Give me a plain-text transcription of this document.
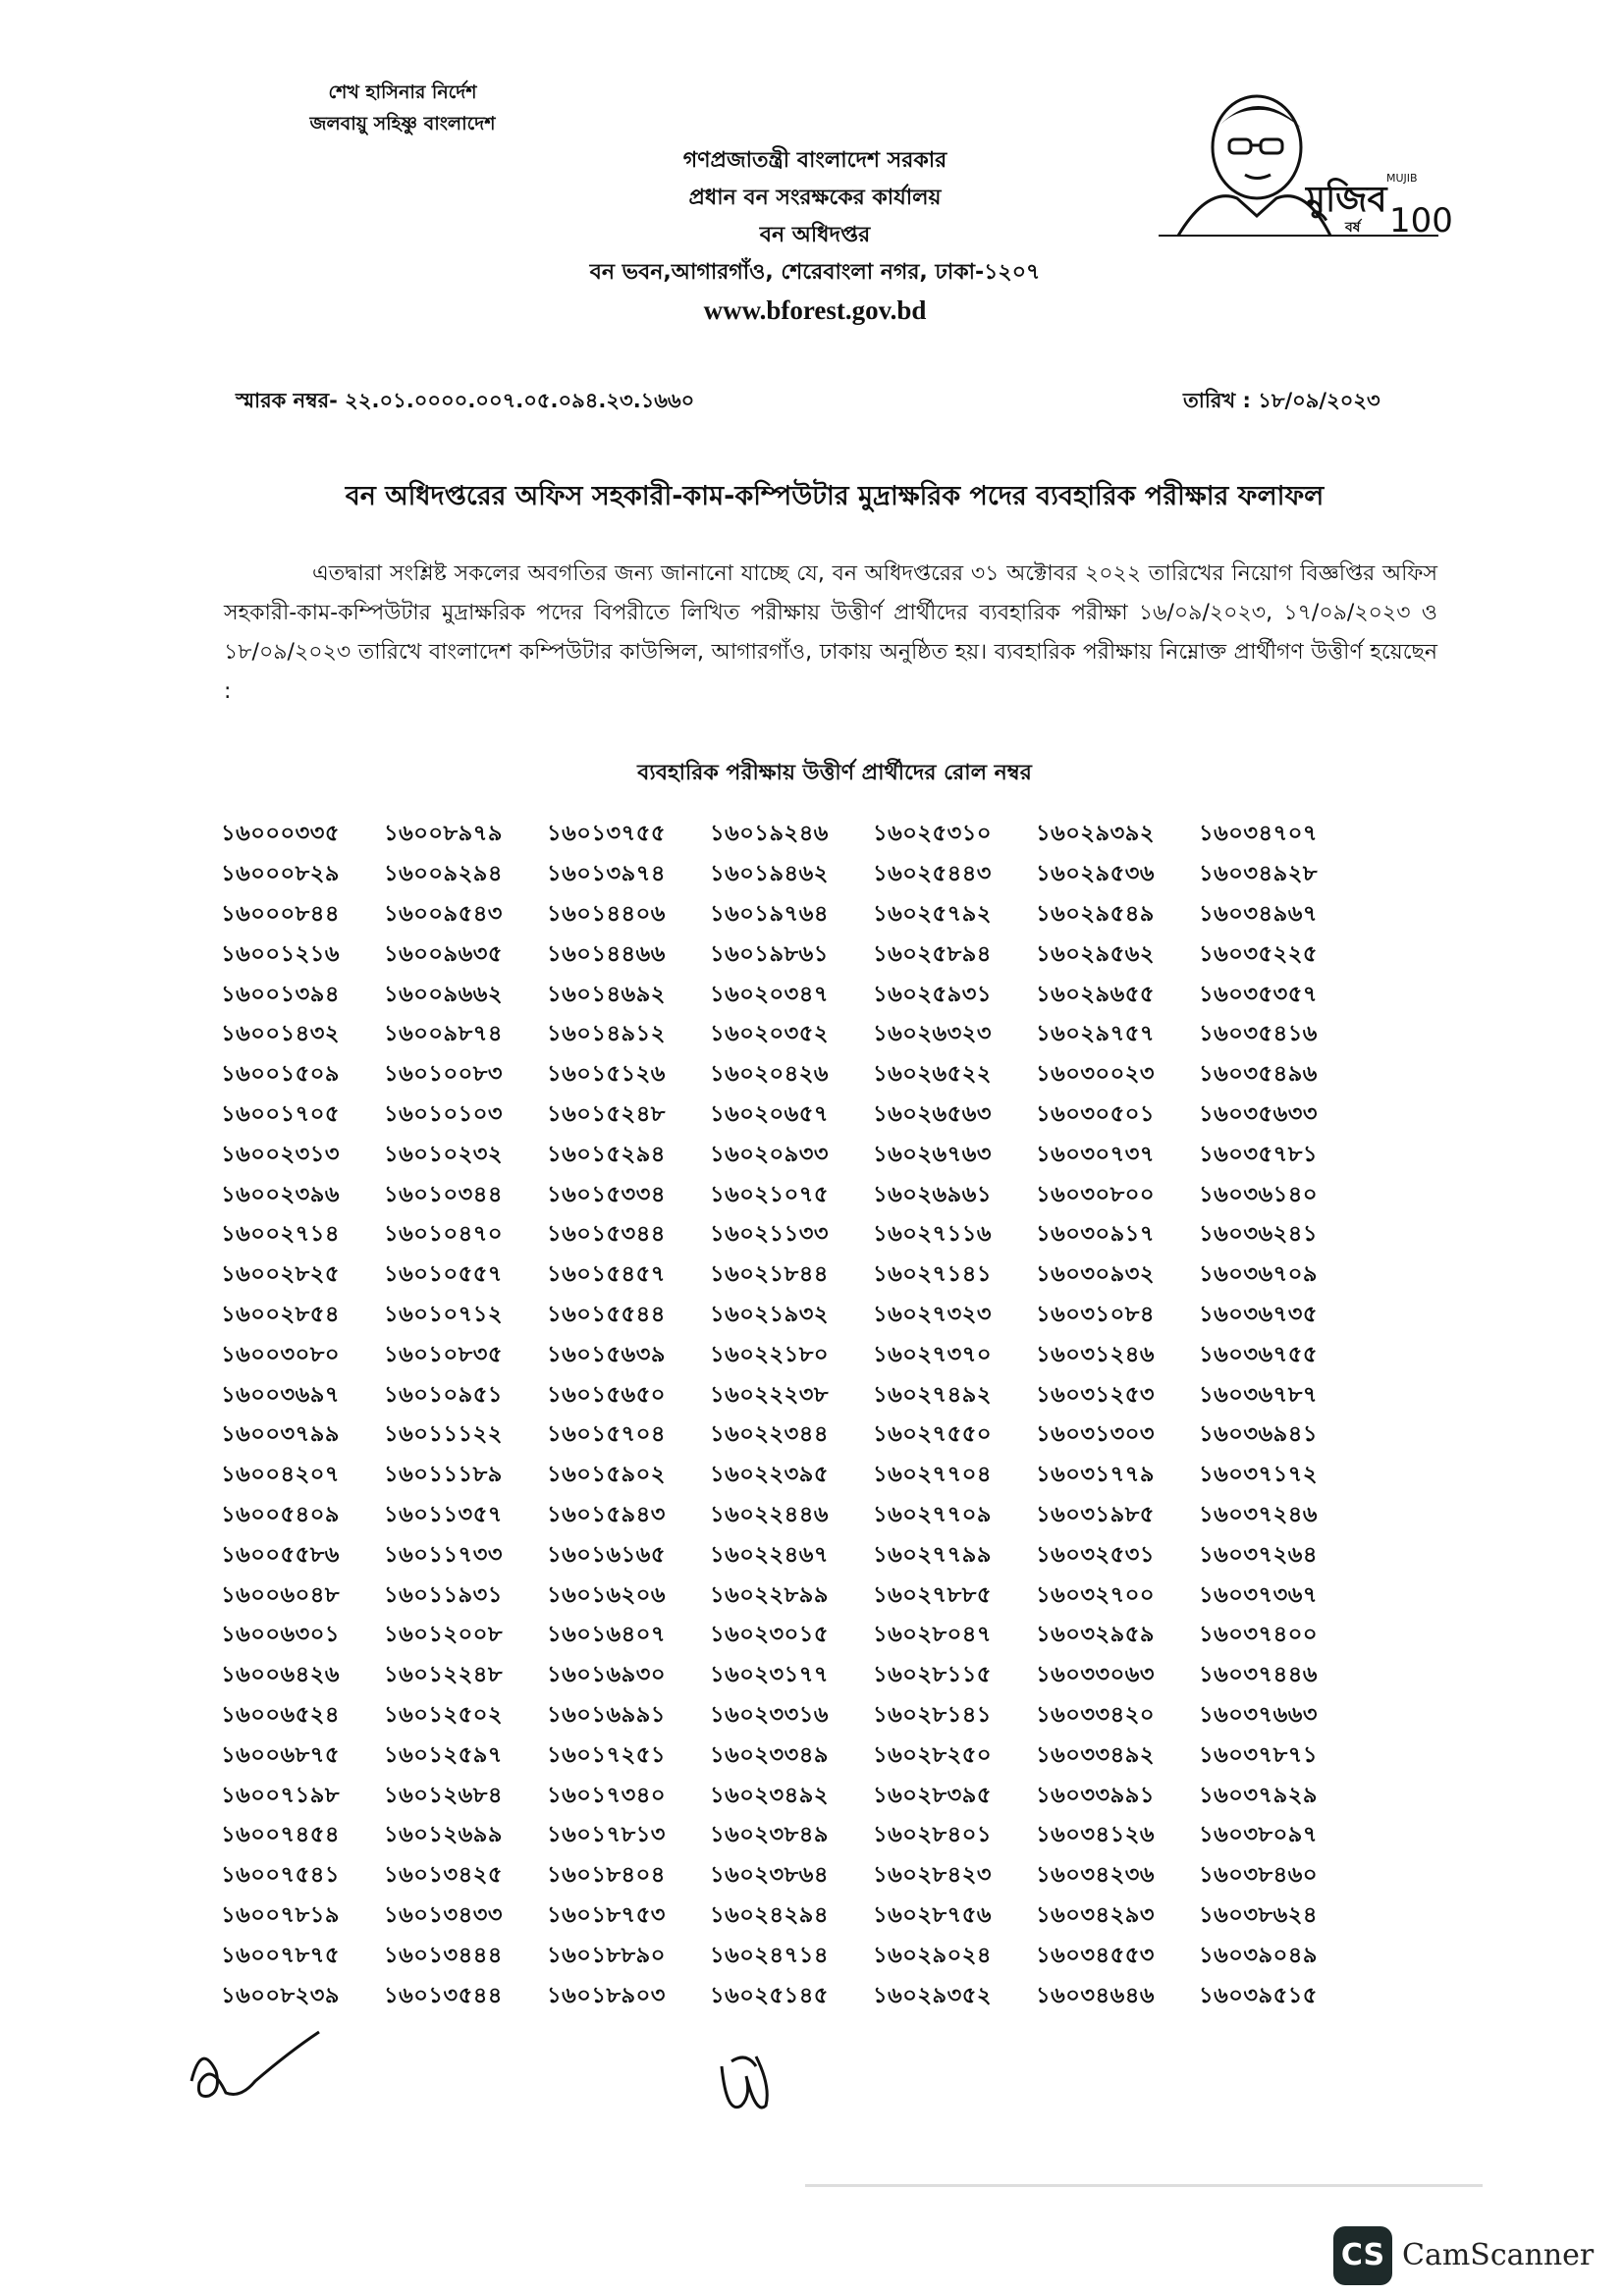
শেখ হাসিনার নির্দেশ
জলবায়ু সহিষ্ণু বাংলাদেশ
গণপ্রজাতন্ত্রী বাংলাদেশ সরকার
প্রধান বন সংরক্ষকের কার্যালয়
বন অধিদপ্তর
বন ভবন,আগারগাঁও, শেরেবাংলা নগর, ঢাকা-১২০৭
www.bforest.gov.bd
মুজিব
MUJIB
বর্ষ 100
স্মারক নম্বর- ২২.০১.০০০০.০০৭.০৫.০৯৪.২৩.১৬৬০	তারিখ : ১৮/০৯/২০২৩
বন অধিদপ্তরের অফিস সহকারী-কাম-কম্পিউটার মুদ্রাক্ষরিক পদের ব্যবহারিক পরীক্ষার ফলাফল
এতদ্বারা সংশ্লিষ্ট সকলের অবগতির জন্য জানানো যাচ্ছে যে, বন অধিদপ্তরের ৩১ অক্টোবর ২০২২ তারিখের নিয়োগ বিজ্ঞপ্তির অফিস সহকারী-কাম-কম্পিউটার মুদ্রাক্ষরিক পদের বিপরীতে লিখিত পরীক্ষায় উত্তীর্ণ প্রার্থীদের ব্যবহারিক পরীক্ষা ১৬/০৯/২০২৩, ১৭/০৯/২০২৩ ও ১৮/০৯/২০২৩ তারিখে বাংলাদেশ কম্পিউটার কাউন্সিল, আগারগাঁও, ঢাকায় অনুষ্ঠিত হয়। ব্যবহারিক পরীক্ষায় নিম্নোক্ত প্রার্থীগণ উত্তীর্ণ হয়েছেন :
ব্যবহারিক পরীক্ষায় উত্তীর্ণ প্রার্থীদের রোল নম্বর
১৬০০০৩৩৫	১৬০০৮৯৭৯	১৬০১৩৭৫৫	১৬০১৯২৪৬	১৬০২৫৩১০	১৬০২৯৩৯২	১৬০৩৪৭০৭
১৬০০০৮২৯	১৬০০৯২৯৪	১৬০১৩৯৭৪	১৬০১৯৪৬২	১৬০২৫৪৪৩	১৬০২৯৫৩৬	১৬০৩৪৯২৮
১৬০০০৮৪৪	১৬০০৯৫৪৩	১৬০১৪৪০৬	১৬০১৯৭৬৪	১৬০২৫৭৯২	১৬০২৯৫৪৯	১৬০৩৪৯৬৭
১৬০০১২১৬	১৬০০৯৬৩৫	১৬০১৪৪৬৬	১৬০১৯৮৬১	১৬০২৫৮৯৪	১৬০২৯৫৬২	১৬০৩৫২২৫
১৬০০১৩৯৪	১৬০০৯৬৬২	১৬০১৪৬৯২	১৬০২০৩৪৭	১৬০২৫৯৩১	১৬০২৯৬৫৫	১৬০৩৫৩৫৭
১৬০০১৪৩২	১৬০০৯৮৭৪	১৬০১৪৯১২	১৬০২০৩৫২	১৬০২৬৩২৩	১৬০২৯৭৫৭	১৬০৩৫৪১৬
১৬০০১৫০৯	১৬০১০০৮৩	১৬০১৫১২৬	১৬০২০৪২৬	১৬০২৬৫২২	১৬০৩০০২৩	১৬০৩৫৪৯৬
১৬০০১৭০৫	১৬০১০১০৩	১৬০১৫২৪৮	১৬০২০৬৫৭	১৬০২৬৫৬৩	১৬০৩০৫০১	১৬০৩৫৬৩৩
১৬০০২৩১৩	১৬০১০২৩২	১৬০১৫২৯৪	১৬০২০৯৩৩	১৬০২৬৭৬৩	১৬০৩০৭৩৭	১৬০৩৫৭৮১
১৬০০২৩৯৬	১৬০১০৩৪৪	১৬০১৫৩৩৪	১৬০২১০৭৫	১৬০২৬৯৬১	১৬০৩০৮০০	১৬০৩৬১৪০
১৬০০২৭১৪	১৬০১০৪৭০	১৬০১৫৩৪৪	১৬০২১১৩৩	১৬০২৭১১৬	১৬০৩০৯১৭	১৬০৩৬২৪১
১৬০০২৮২৫	১৬০১০৫৫৭	১৬০১৫৪৫৭	১৬০২১৮৪৪	১৬০২৭১৪১	১৬০৩০৯৩২	১৬০৩৬৭০৯
১৬০০২৮৫৪	১৬০১০৭১২	১৬০১৫৫৪৪	১৬০২১৯৩২	১৬০২৭৩২৩	১৬০৩১০৮৪	১৬০৩৬৭৩৫
১৬০০৩০৮০	১৬০১০৮৩৫	১৬০১৫৬৩৯	১৬০২২১৮০	১৬০২৭৩৭০	১৬০৩১২৪৬	১৬০৩৬৭৫৫
১৬০০৩৬৯৭	১৬০১০৯৫১	১৬০১৫৬৫০	১৬০২২২৩৮	১৬০২৭৪৯২	১৬০৩১২৫৩	১৬০৩৬৭৮৭
১৬০০৩৭৯৯	১৬০১১১২২	১৬০১৫৭০৪	১৬০২২৩৪৪	১৬০২৭৫৫০	১৬০৩১৩০৩	১৬০৩৬৯৪১
১৬০০৪২০৭	১৬০১১১৮৯	১৬০১৫৯০২	১৬০২২৩৯৫	১৬০২৭৭০৪	১৬০৩১৭৭৯	১৬০৩৭১৭২
১৬০০৫৪০৯	১৬০১১৩৫৭	১৬০১৫৯৪৩	১৬০২২৪৪৬	১৬০২৭৭০৯	১৬০৩১৯৮৫	১৬০৩৭২৪৬
১৬০০৫৫৮৬	১৬০১১৭৩৩	১৬০১৬১৬৫	১৬০২২৪৬৭	১৬০২৭৭৯৯	১৬০৩২৫৩১	১৬০৩৭২৬৪
১৬০০৬০৪৮	১৬০১১৯৩১	১৬০১৬২০৬	১৬০২২৮৯৯	১৬০২৭৮৮৫	১৬০৩২৭০০	১৬০৩৭৩৬৭
১৬০০৬৩০১	১৬০১২০০৮	১৬০১৬৪০৭	১৬০২৩০১৫	১৬০২৮০৪৭	১৬০৩২৯৫৯	১৬০৩৭৪০০
১৬০০৬৪২৬	১৬০১২২৪৮	১৬০১৬৯৩০	১৬০২৩১৭৭	১৬০২৮১১৫	১৬০৩৩০৬৩	১৬০৩৭৪৪৬
১৬০০৬৫২৪	১৬০১২৫০২	১৬০১৬৯৯১	১৬০২৩৩১৬	১৬০২৮১৪১	১৬০৩৩৪২০	১৬০৩৭৬৬৩
১৬০০৬৮৭৫	১৬০১২৫৯৭	১৬০১৭২৫১	১৬০২৩৩৪৯	১৬০২৮২৫০	১৬০৩৩৪৯২	১৬০৩৭৮৭১
১৬০০৭১৯৮	১৬০১২৬৮৪	১৬০১৭৩৪০	১৬০২৩৪৯২	১৬০২৮৩৯৫	১৬০৩৩৯৯১	১৬০৩৭৯২৯
১৬০০৭৪৫৪	১৬০১২৬৯৯	১৬০১৭৮১৩	১৬০২৩৮৪৯	১৬০২৮৪০১	১৬০৩৪১২৬	১৬০৩৮০৯৭
১৬০০৭৫৪১	১৬০১৩৪২৫	১৬০১৮৪০৪	১৬০২৩৮৬৪	১৬০২৮৪২৩	১৬০৩৪২৩৬	১৬০৩৮৪৬০
১৬০০৭৮১৯	১৬০১৩৪৩৩	১৬০১৮৭৫৩	১৬০২৪২৯৪	১৬০২৮৭৫৬	১৬০৩৪২৯৩	১৬০৩৮৬২৪
১৬০০৭৮৭৫	১৬০১৩৪৪৪	১৬০১৮৮৯০	১৬০২৪৭১৪	১৬০২৯০২৪	১৬০৩৪৫৫৩	১৬০৩৯০৪৯
১৬০০৮২৩৯	১৬০১৩৫৪৪	১৬০১৮৯০৩	১৬০২৫১৪৫	১৬০২৯৩৫২	১৬০৩৪৬৪৬	১৬০৩৯৫১৫
CS CamScanner
